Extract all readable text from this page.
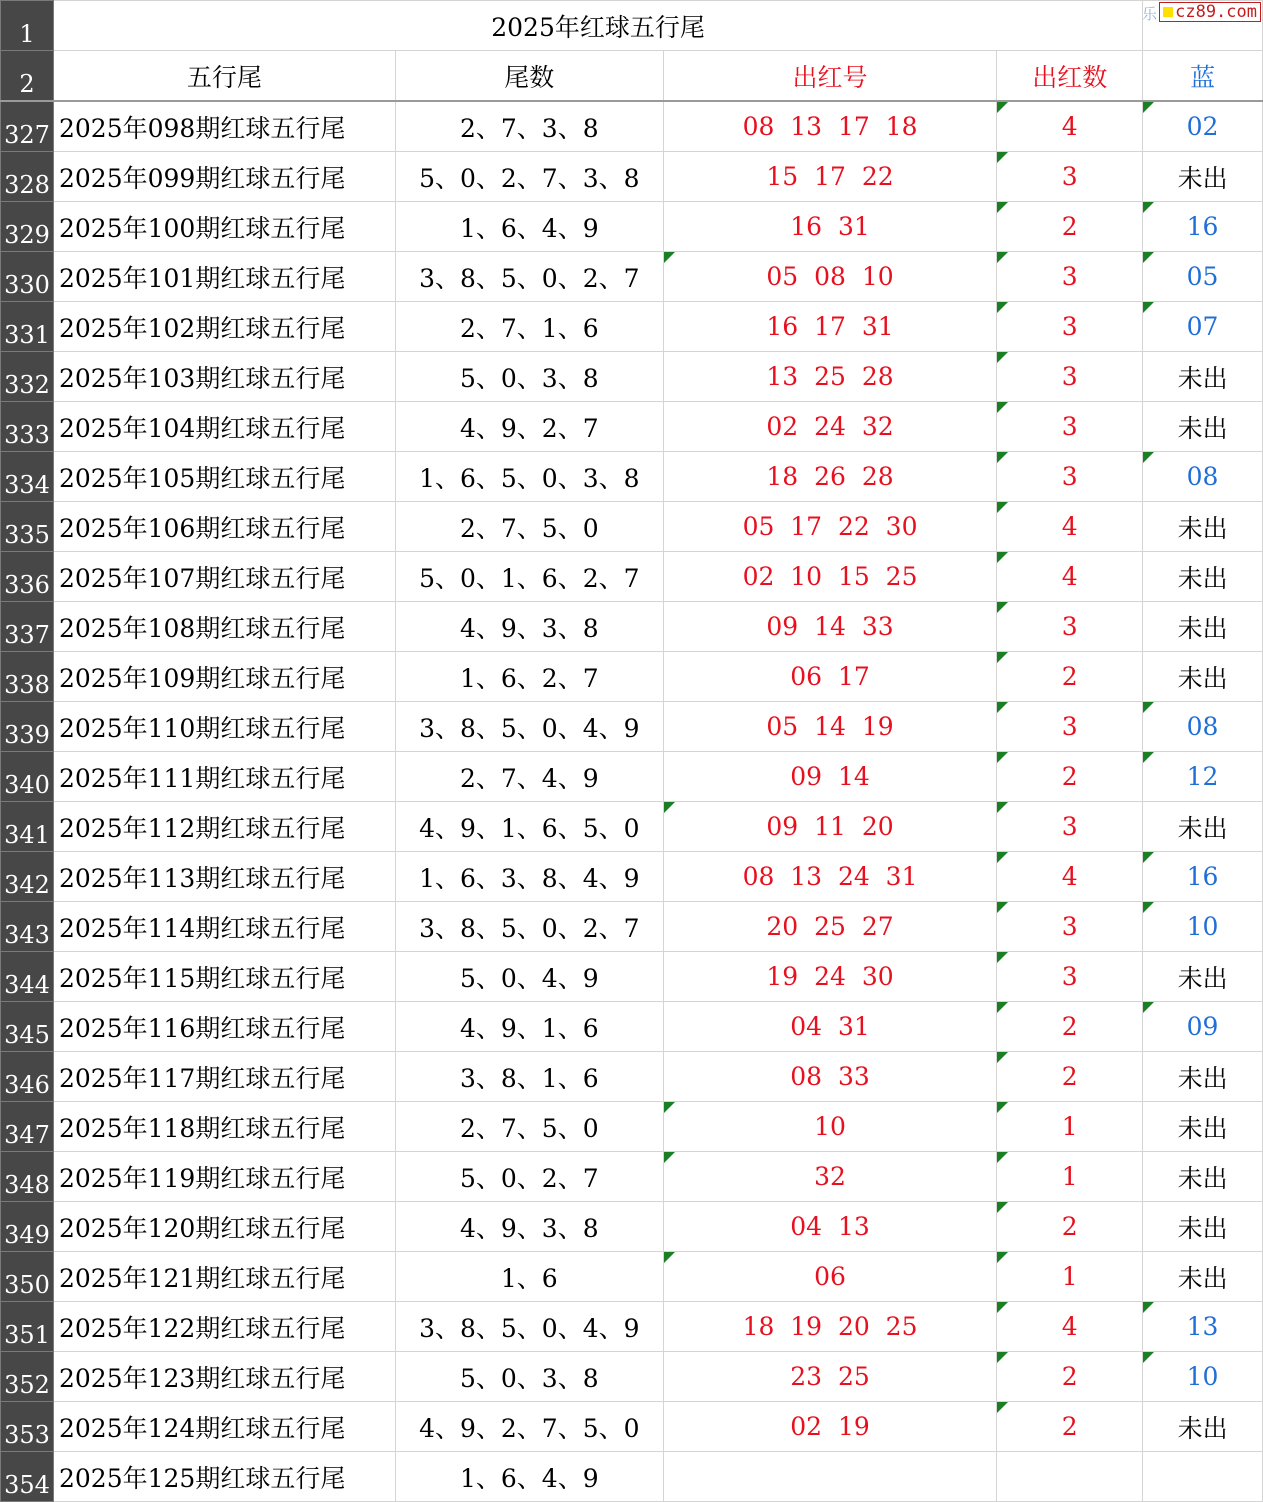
1	2025年红球五行尾				
2	五行尾	尾数	出红号	出红数	蓝
327	2025年098期红球五行尾	2、7、3、8	08  13  17  18	4	02
328	2025年099期红球五行尾	5、0、2、7、3、8	15  17  22	3	未出
329	2025年100期红球五行尾	1、6、4、9	16  31	2	16
330	2025年101期红球五行尾	3、8、5、0、2、7	05  08  10	3	05
331	2025年102期红球五行尾	2、7、1、6	16  17  31	3	07
332	2025年103期红球五行尾	5、0、3、8	13  25  28	3	未出
333	2025年104期红球五行尾	4、9、2、7	02  24  32	3	未出
334	2025年105期红球五行尾	1、6、5、0、3、8	18  26  28	3	08
335	2025年106期红球五行尾	2、7、5、0	05  17  22  30	4	未出
336	2025年107期红球五行尾	5、0、1、6、2、7	02  10  15  25	4	未出
337	2025年108期红球五行尾	4、9、3、8	09  14  33	3	未出
338	2025年109期红球五行尾	1、6、2、7	06  17	2	未出
339	2025年110期红球五行尾	3、8、5、0、4、9	05  14  19	3	08
340	2025年111期红球五行尾	2、7、4、9	09  14	2	12
341	2025年112期红球五行尾	4、9、1、6、5、0	09  11  20	3	未出
342	2025年113期红球五行尾	1、6、3、8、4、9	08  13  24  31	4	16
343	2025年114期红球五行尾	3、8、5、0、2、7	20  25  27	3	10
344	2025年115期红球五行尾	5、0、4、9	19  24  30	3	未出
345	2025年116期红球五行尾	4、9、1、6	04  31	2	09
346	2025年117期红球五行尾	3、8、1、6	08  33	2	未出
347	2025年118期红球五行尾	2、7、5、0	10	1	未出
348	2025年119期红球五行尾	5、0、2、7	32	1	未出
349	2025年120期红球五行尾	4、9、3、8	04  13	2	未出
350	2025年121期红球五行尾	1、6	06	1	未出
351	2025年122期红球五行尾	3、8、5、0、4、9	18  19  20  25	4	13
352	2025年123期红球五行尾	5、0、3、8	23  25	2	10
353	2025年124期红球五行尾	4、9、2、7、5、0	02  19	2	未出
354	2025年125期红球五行尾	1、6、4、9			
乐	cz89.com
